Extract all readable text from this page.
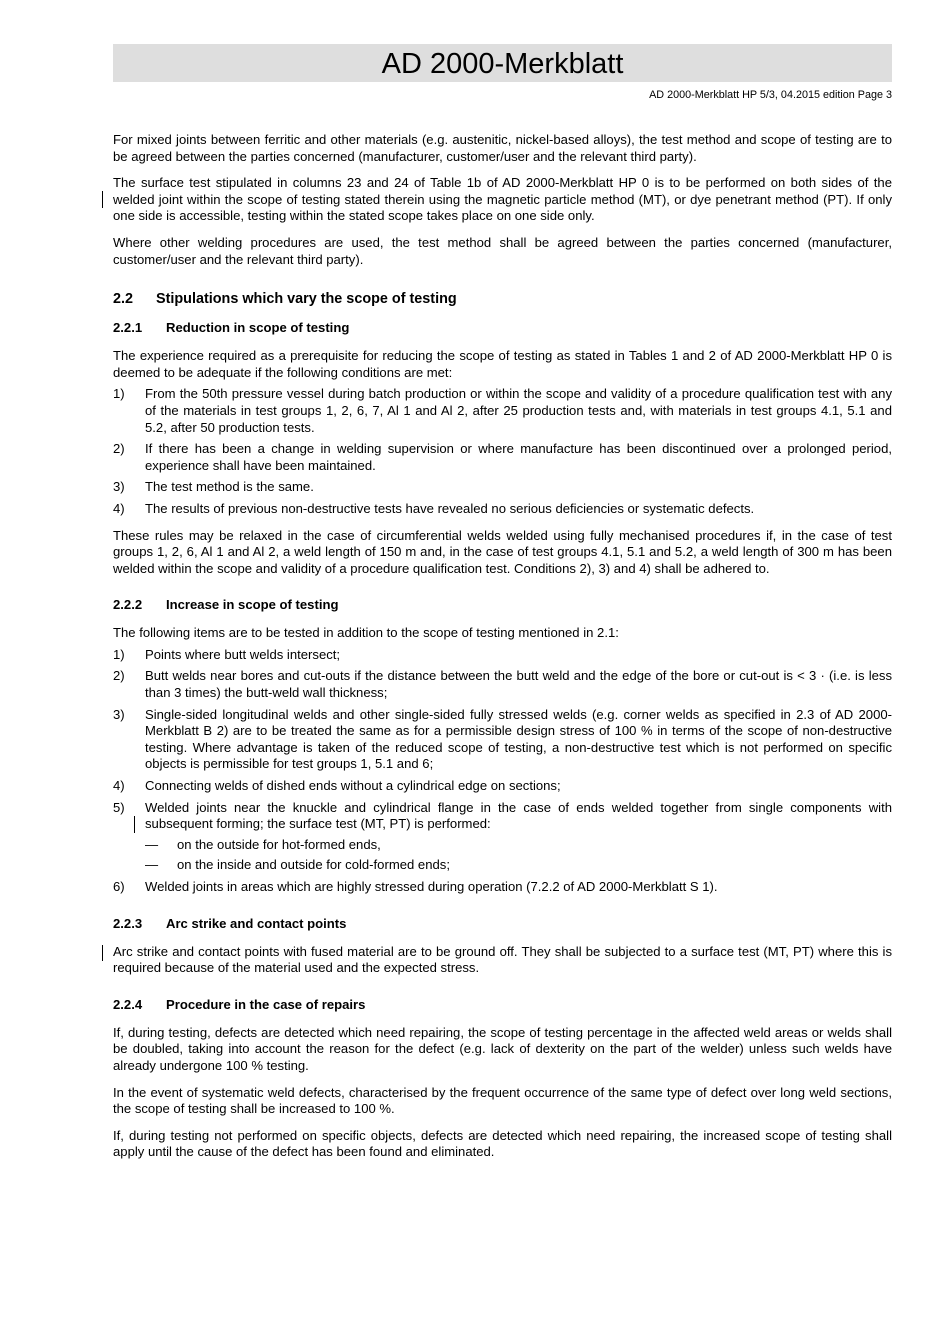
AD 2000-Merkblatt
AD 2000-Merkblatt HP 5/3, 04.2015 edition Page 3

For mixed joints between ferritic and other materials (e.g. austenitic, nickel-based alloys), the test method and scope of testing are to be agreed between the parties concerned (manufacturer, customer/user and the relevant third party).

The surface test stipulated in columns 23 and 24 of Table 1b of AD 2000-Merkblatt HP 0 is to be performed on both sides of the welded joint within the scope of testing stated therein using the magnetic particle method (MT), or dye penetrant method (PT). If only one side is accessible, testing within the stated scope takes place on one side only.

Where other welding procedures are used, the test method shall be agreed between the parties concerned (manufacturer, customer/user and the relevant third party).

2.2	Stipulations which vary the scope of testing
2.2.1	Reduction in scope of testing

The experience required as a prerequisite for reducing the scope of testing as stated in Tables 1 and 2 of AD 2000-Merkblatt HP 0 is deemed to be adequate if the following conditions are met:

1)	From the 50th pressure vessel during batch production or within the scope and validity of a procedure qualification test with any of the materials in test groups 1, 2, 6, 7, Al 1 and Al 2, after 25 production tests and, with materials in test groups 4.1, 5.1 and 5.2, after 50 production tests.
2)	If there has been a change in welding supervision or where manufacture has been discontinued over a prolonged period, experience shall have been maintained.
3)	The test method is the same.
4)	The results of previous non-destructive tests have revealed no serious deficiencies or systematic defects.

These rules may be relaxed in the case of circumferential welds welded using fully mechanised procedures if, in the case of test groups 1, 2, 6, Al 1 and Al 2, a weld length of 150 m and, in the case of test groups 4.1, 5.1 and 5.2, a weld length of 300 m has been welded within the scope and validity of a procedure qualification test. Conditions 2), 3) and 4) shall be adhered to.

2.2.2	Increase in scope of testing

The following items are to be tested in addition to the scope of testing mentioned in 2.1:

1)	Points where butt welds intersect;
2)	Butt welds near bores and cut-outs if the distance between the butt weld and the edge of the bore or cut-out is < 3 · (i.e. is less than 3 times) the butt-weld wall thickness;
3)	Single-sided longitudinal welds and other single-sided fully stressed welds (e.g. corner welds as specified in 2.3 of AD 2000-Merkblatt B 2) are to be treated the same as for a permissible design stress of 100 % in terms of the scope of non-destructive testing. Where advantage is taken of the reduced scope of testing, a non-destructive test which is not performed on specific objects is permissible for test groups 1, 5.1 and 6;
4)	Connecting welds of dished ends without a cylindrical edge on sections;
5)	Welded joints near the knuckle and cylindrical flange in the case of ends welded together from single components with subsequent forming; the surface test (MT, PT) is performed:
—	on the outside for hot-formed ends,
—	on the inside and outside for cold-formed ends;
6)	Welded joints in areas which are highly stressed during operation (7.2.2 of AD 2000-Merkblatt S 1).
2.2.3	Arc strike and contact points

Arc strike and contact points with fused material are to be ground off. They shall be subjected to a surface test (MT, PT) where this is required because of the material used and the expected stress.

2.2.4	Procedure in the case of repairs

If, during testing, defects are detected which need repairing, the scope of testing percentage in the affected weld areas or welds shall be doubled, taking into account the reason for the defect (e.g. lack of dexterity on the part of the welder) unless such welds have already undergone 100 % testing.

In the event of systematic weld defects, characterised by the frequent occurrence of the same type of defect over long weld sections, the scope of testing shall be increased to 100 %.

If, during testing not performed on specific objects, defects are detected which need repairing, the increased scope of testing shall apply until the cause of the defect has been found and eliminated.
